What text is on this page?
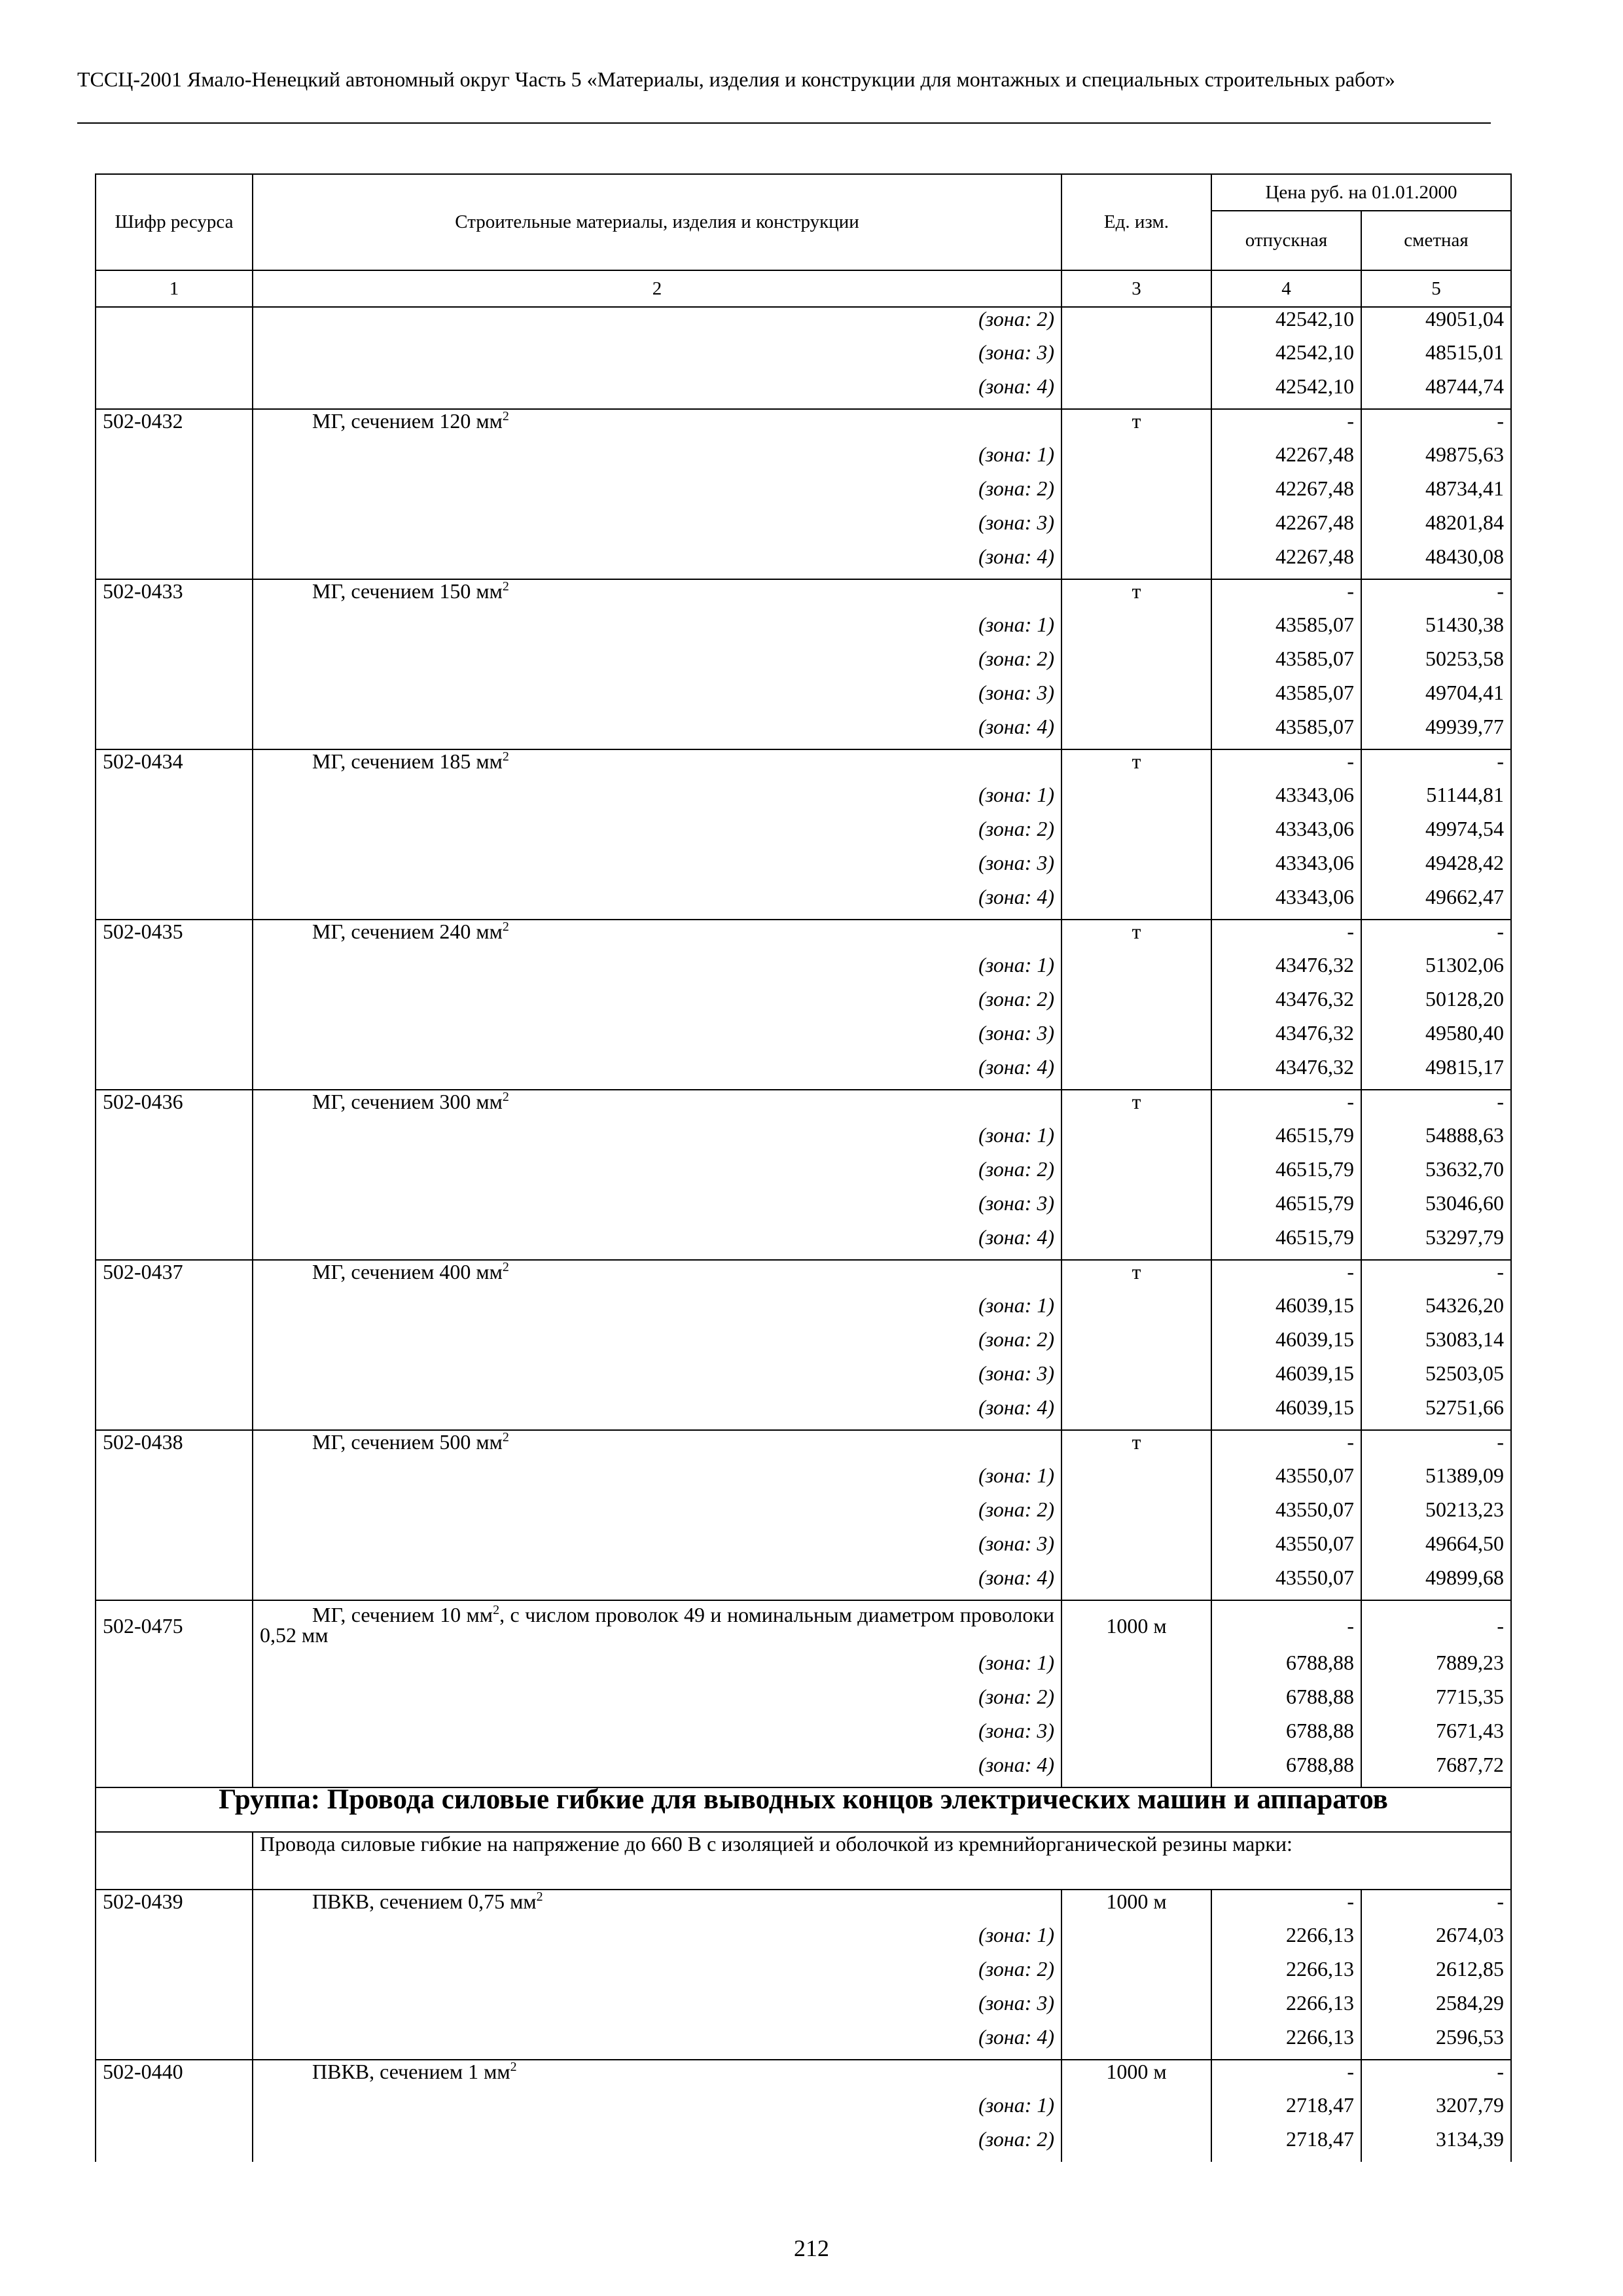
ТССЦ-2001 Ямало-Ненецкий автономный округ Часть 5 «Материалы, изделия и конструкции для монтажных и специальных строительных работ»
Шифр ресурса	Строительные материалы, изделия и конструкции	Ед. изм.	Цена руб. на 01.01.2000	
			отпускная	сметная
1	2	3	4	5
	(зона: 2)		42542,10	49051,04
	(зона: 3)		42542,10	48515,01
	(зона: 4)		42542,10	48744,74
502-0432	МГ, сечением 120 $мм^2$	т	-	-
	(зона: 1)		42267,48	49875,63
	(зона: 2)		42267,48	48734,41
	(зона: 3)		42267,48	48201,84
	(зона: 4)		42267,48	48430,08
502-0433	МГ, сечением 150 $мм^2$	т	-	-
	(зона: 1)		43585,07	51430,38
	(зона: 2)		43585,07	50253,58
	(зона: 3)		43585,07	49704,41
	(зона: 4)		43585,07	49939,77
502-0434	МГ, сечением 185 $мм^2$	т	-	-
	(зона: 1)		43343,06	51144,81
	(зона: 2)		43343,06	49974,54
	(зона: 3)		43343,06	49428,42
	(зона: 4)		43343,06	49662,47
502-0435	МГ, сечением 240 $мм^2$	т	-	-
	(зона: 1)		43476,32	51302,06
	(зона: 2)		43476,32	50128,20
	(зона: 3)		43476,32	49580,40
	(зона: 4)		43476,32	49815,17
502-0436	МГ, сечением 300 $мм^2$	т	-	-
	(зона: 1)		46515,79	54888,63
	(зона: 2)		46515,79	53632,70
	(зона: 3)		46515,79	53046,60
	(зона: 4)		46515,79	53297,79
502-0437	МГ, сечением 400 $мм^2$	т	-	-
	(зона: 1)		46039,15	54326,20
	(зона: 2)		46039,15	53083,14
	(зона: 3)		46039,15	52503,05
	(зона: 4)		46039,15	52751,66
502-0438	МГ, сечением 500 $мм^2$	т	-	-
	(зона: 1)		43550,07	51389,09
	(зона: 2)		43550,07	50213,23
	(зона: 3)		43550,07	49664,50
	(зона: 4)		43550,07	49899,68
502-0475	МГ, сечением 10 $мм^2$, с числом проволок 49 и номинальным диаметром проволоки 0,52 мм	1000 м	-	-
	(зона: 1)		6788,88	7889,23
	(зона: 2)		6788,88	7715,35
	(зона: 3)		6788,88	7671,43
	(зона: 4)		6788,88	7687,72
Группа: Провода силовые гибкие для выводных концов электрических машин и аппаратов				
	Провода силовые гибкие на напряжение до 660 В с изоляцией и оболочкой из кремнийорганической резины марки:			
502-0439	ПВКВ, сечением 0,75 $мм^2$	1000 м	-	-
	(зона: 1)		2266,13	2674,03
	(зона: 2)		2266,13	2612,85
	(зона: 3)		2266,13	2584,29
	(зона: 4)		2266,13	2596,53
502-0440	ПВКВ, сечением 1 $мм^2$	1000 м	-	-
	(зона: 1)		2718,47	3207,79
	(зона: 2)		2718,47	3134,39
212
